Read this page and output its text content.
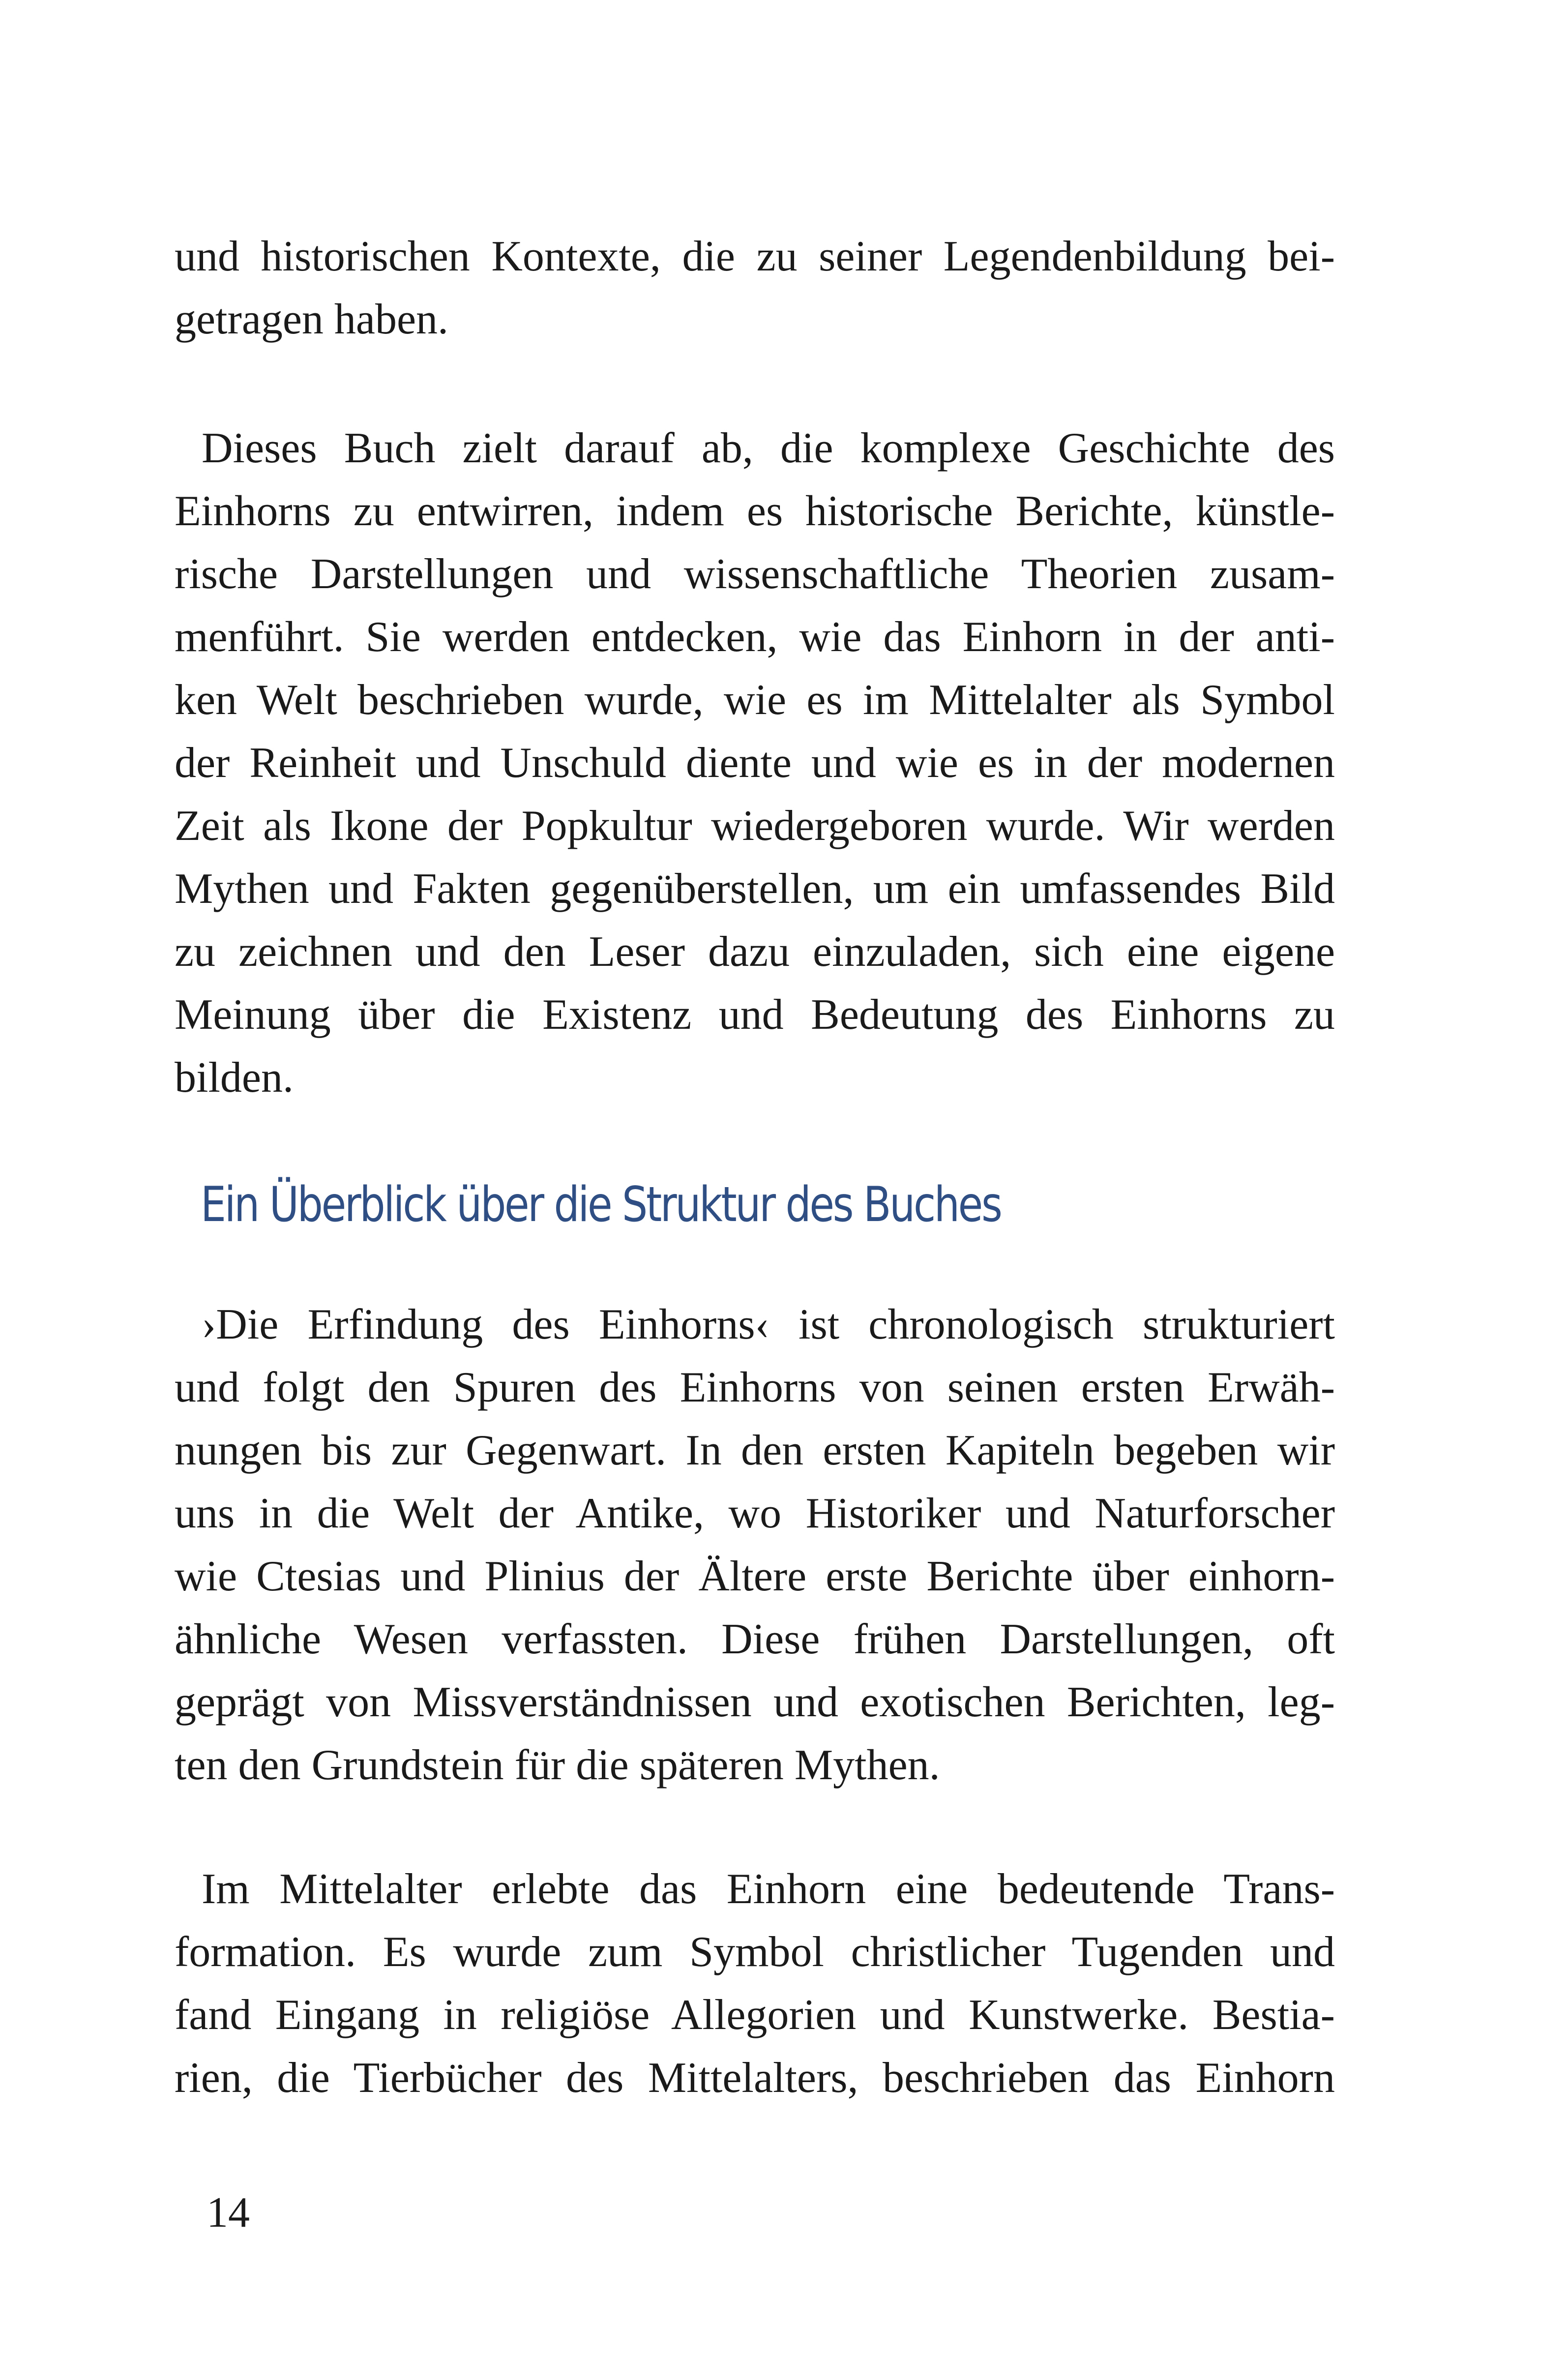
und historischen Kontexte, die zu seiner Legendenbildung bei-
getragen haben.
Dieses Buch zielt darauf ab, die komplexe Geschichte des
Einhorns zu entwirren, indem es historische Berichte, künstle-
rische Darstellungen und wissenschaftliche Theorien zusam-
menführt. Sie werden entdecken, wie das Einhorn in der anti-
ken Welt beschrieben wurde, wie es im Mittelalter als Symbol
der Reinheit und Unschuld diente und wie es in der modernen
Zeit als Ikone der Popkultur wiedergeboren wurde. Wir werden
Mythen und Fakten gegenüberstellen, um ein umfassendes Bild
zu zeichnen und den Leser dazu einzuladen, sich eine eigene
Meinung über die Existenz und Bedeutung des Einhorns zu
bilden.
Ein Überblick über die Struktur des Buches
›Die Erfindung des Einhorns‹ ist chronologisch strukturiert
und folgt den Spuren des Einhorns von seinen ersten Erwäh-
nungen bis zur Gegenwart. In den ersten Kapiteln begeben wir
uns in die Welt der Antike, wo Historiker und Naturforscher
wie Ctesias und Plinius der Ältere erste Berichte über einhorn-
ähnliche Wesen verfassten. Diese frühen Darstellungen, oft
geprägt von Missverständnissen und exotischen Berichten, leg-
ten den Grundstein für die späteren Mythen.
Im Mittelalter erlebte das Einhorn eine bedeutende Trans-
formation. Es wurde zum Symbol christlicher Tugenden und
fand Eingang in religiöse Allegorien und Kunstwerke. Bestia-
rien, die Tierbücher des Mittelalters, beschrieben das Einhorn
14
